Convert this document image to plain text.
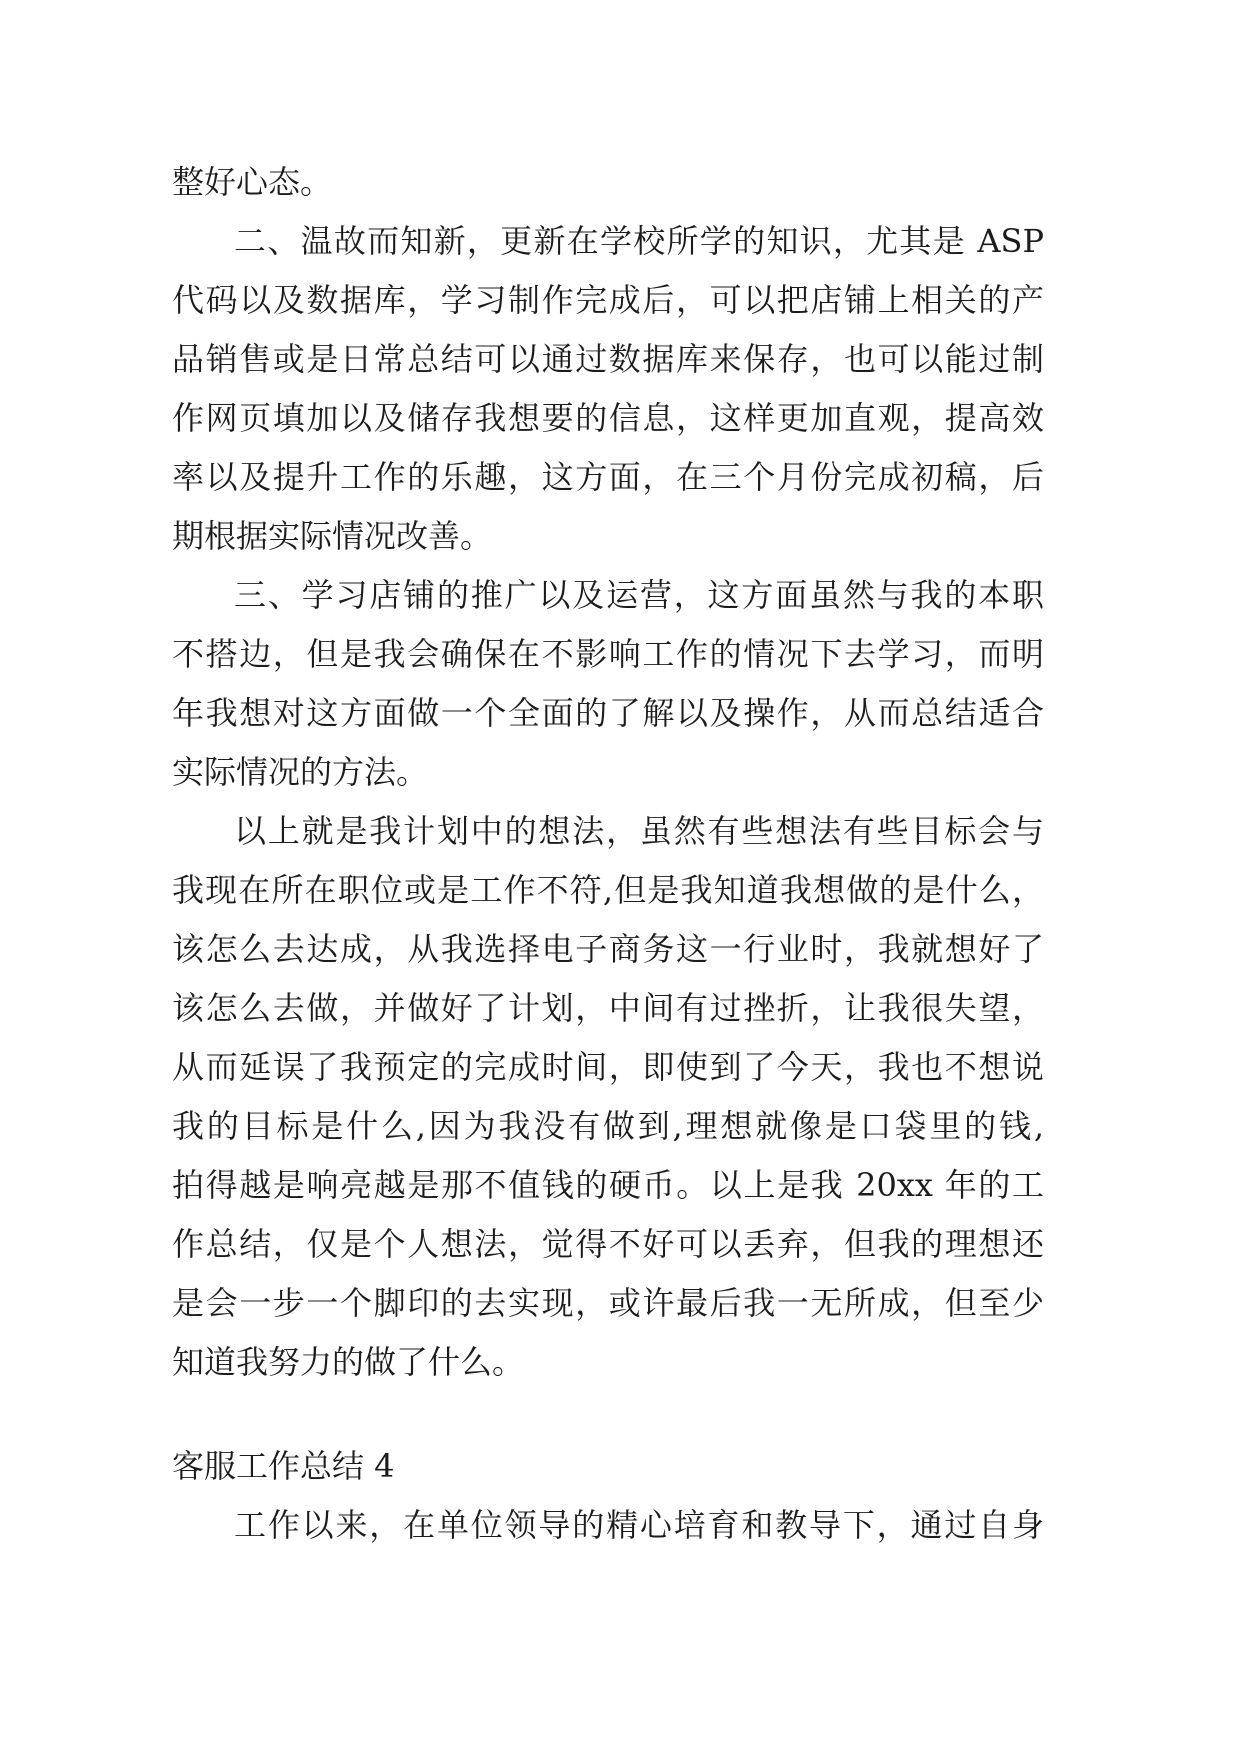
整好心态。
二、温故而知新，更新在学校所学的知识，尤其是 ASP
代码以及数据库，学习制作完成后，可以把店铺上相关的产
品销售或是日常总结可以通过数据库来保存，也可以能过制
作网页填加以及储存我想要的信息，这样更加直观，提高效
率以及提升工作的乐趣，这方面，在三个月份完成初稿，后
期根据实际情况改善。
三、学习店铺的推广以及运营，这方面虽然与我的本职
不搭边，但是我会确保在不影响工作的情况下去学习，而明
年我想对这方面做一个全面的了解以及操作，从而总结适合
实际情况的方法。
以上就是我计划中的想法，虽然有些想法有些目标会与
我现在所在职位或是工作不符,但是我知道我想做的是什么，
该怎么去达成，从我选择电子商务这一行业时，我就想好了
该怎么去做，并做好了计划，中间有过挫折，让我很失望，
从而延误了我预定的完成时间，即使到了今天，我也不想说
我的目标是什么,因为我没有做到,理想就像是口袋里的钱,
拍得越是响亮越是那不值钱的硬币。以上是我 20xx 年的工
作总结，仅是个人想法，觉得不好可以丢弃，但我的理想还
是会一步一个脚印的去实现，或许最后我一无所成，但至少
知道我努力的做了什么。
客服工作总结 4
工作以来，在单位领导的精心培育和教导下，通过自身
